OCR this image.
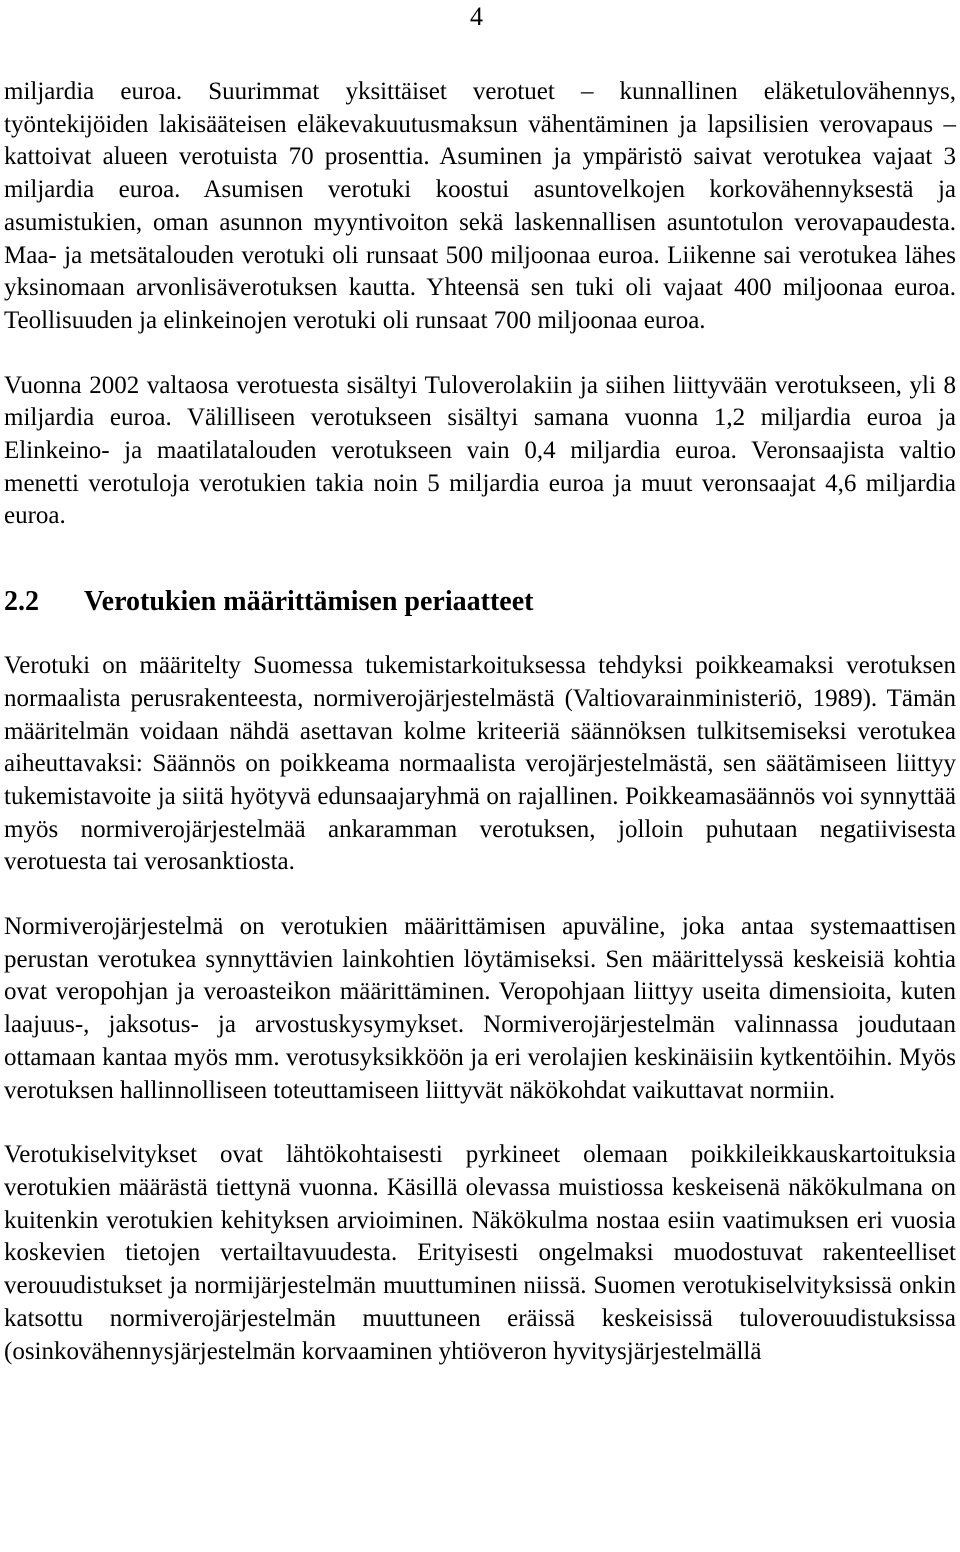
4

miljardia euroa. Suurimmat yksittäiset verotuet – kunnallinen eläketulovähennys, työntekijöiden lakisääteisen eläkevakuutusmaksun vähentäminen ja lapsilisien verovapaus – kattoivat alueen verotuista 70 prosenttia. Asuminen ja ympäristö saivat verotukea vajaat 3 miljardia euroa. Asumisen verotuki koostui asuntovelkojen korkovähennyksestä ja asumistukien, oman asunnon myyntivoiton sekä laskennallisen asuntotulon verovapaudesta. Maa- ja metsätalouden verotuki oli runsaat 500 miljoonaa euroa. Liikenne sai verotukea lähes yksinomaan arvonlisäverotuksen kautta. Yhteensä sen tuki oli vajaat 400 miljoonaa euroa. Teollisuuden ja elinkeinojen verotuki oli runsaat 700 miljoonaa euroa.

Vuonna 2002 valtaosa verotuesta sisältyi Tuloverolakiin ja siihen liittyvään verotukseen, yli 8 miljardia euroa. Välilliseen verotukseen sisältyi samana vuonna 1,2 miljardia euroa ja Elinkeino- ja maatilatalouden verotukseen vain 0,4 miljardia euroa. Veronsaajista valtio menetti verotuloja verotukien takia noin 5 miljardia euroa ja muut veronsaajat 4,6 miljardia euroa.

2.2 Verotukien määrittämisen periaatteet

Verotuki on määritelty Suomessa tukemistarkoituksessa tehdyksi poikkeamaksi verotuksen normaalista perusrakenteesta, normiverojärjestelmästä (Valtiovarainministeriö, 1989). Tämän määritelmän voidaan nähdä asettavan kolme kriteeriä säännöksen tulkitsemiseksi verotukea aiheuttavaksi: Säännös on poikkeama normaalista verojärjestelmästä, sen säätämiseen liittyy tukemistavoite ja siitä hyötyvä edunsaajaryhmä on rajallinen. Poikkeamasäännös voi synnyttää myös normiverojärjestelmää ankaramman verotuksen, jolloin puhutaan negatiivisesta verotuesta tai verosanktiosta.

Normiverojärjestelmä on verotukien määrittämisen apuväline, joka antaa systemaattisen perustan verotukea synnyttävien lainkohtien löytämiseksi. Sen määrittelyssä keskeisiä kohtia ovat veropohjan ja veroasteikon määrittäminen. Veropohjaan liittyy useita dimensioita, kuten laajuus-, jaksotus- ja arvostuskysymykset. Normiverojärjestelmän valinnassa joudutaan ottamaan kantaa myös mm. verotusyksikköön ja eri verolajien keskinäisiin kytkentöihin. Myös verotuksen hallinnolliseen toteuttamiseen liittyvät näkökohdat vaikuttavat normiin.

Verotukiselvitykset ovat lähtökohtaisesti pyrkineet olemaan poikkileikkauskartoituksia verotukien määrästä tiettynä vuonna. Käsillä olevassa muistiossa keskeisenä näkökulmana on kuitenkin verotukien kehityksen arvioiminen. Näkökulma nostaa esiin vaatimuksen eri vuosia koskevien tietojen vertailtavuudesta. Erityisesti ongelmaksi muodostuvat rakenteelliset verouudistukset ja normijärjestelmän muuttuminen niissä. Suomen verotukiselvityksissä onkin katsottu normiverojärjestelmän muuttuneen eräissä keskeisissä tuloverouudistuksissa (osinkovähennysjärjestelmän korvaaminen yhtiöveron hyvitysjärjestelmällä
